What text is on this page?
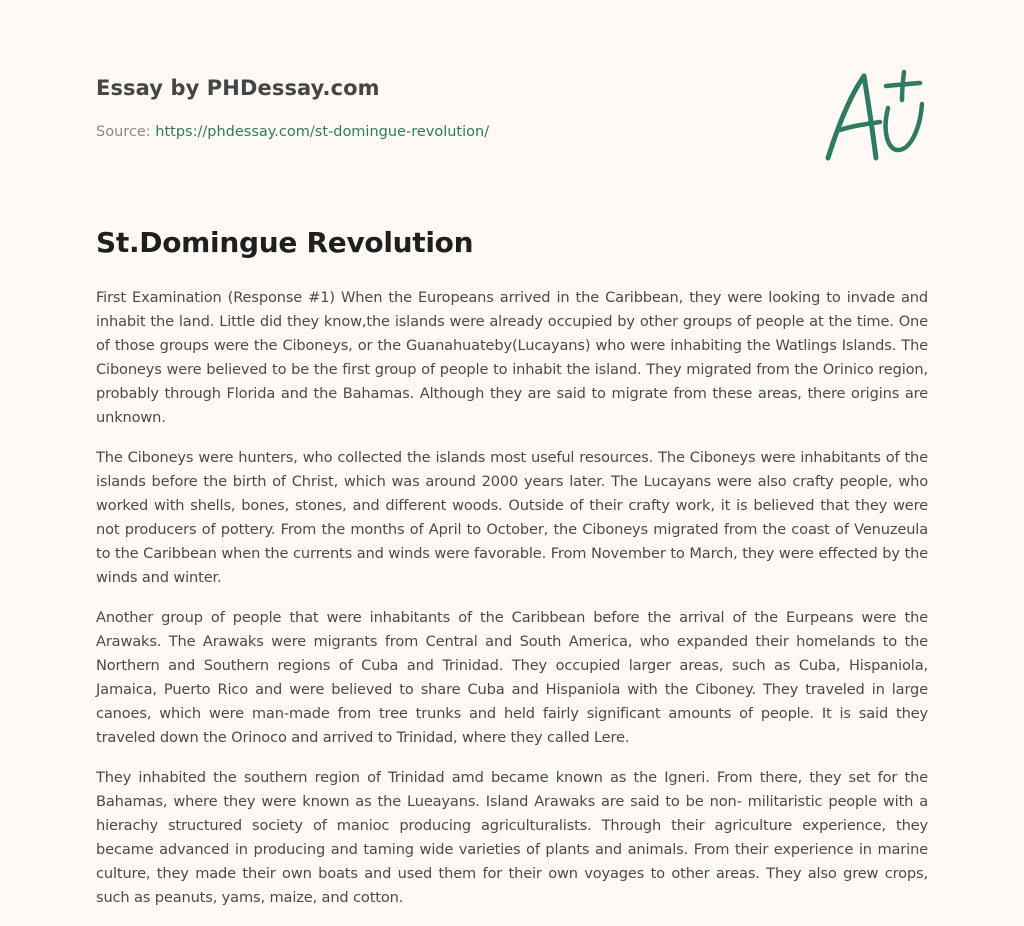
Essay by PHDessay.com
Source: https://phdessay.com/st-domingue-revolution/
St.Domingue Revolution

First Examination (Response #1) When the Europeans arrived in the Caribbean, they were looking to invade and inhabit the land. Little did they know,the islands were already occupied by other groups of people at the time. One of those groups were the Ciboneys, or the Guanahuateby(Lucayans) who were inhabiting the Watlings Islands. The Ciboneys were believed to be the first group of people to inhabit the island. They migrated from the Orinico region, probably through Florida and the Bahamas. Although they are said to migrate from these areas, there origins are unknown.

The Ciboneys were hunters, who collected the islands most useful resources. The Ciboneys were inhabitants of the islands before the birth of Christ, which was around 2000 years later. The Lucayans were also crafty people, who worked with shells, bones, stones, and different woods. Outside of their crafty work, it is believed that they were not producers of pottery. From the months of April to October, the Ciboneys migrated from the coast of Venuzeula to the Caribbean when the currents and winds were favorable. From November to March, they were effected by the winds and winter.

Another group of people that were inhabitants of the Caribbean before the arrival of the Eurpeans were the Arawaks. The Arawaks were migrants from Central and South America, who expanded their homelands to the Northern and Southern regions of Cuba and Trinidad. They occupied larger areas, such as Cuba, Hispaniola, Jamaica, Puerto Rico and were believed to share Cuba and Hispaniola with the Ciboney. They traveled in large canoes, which were man-made from tree trunks and held fairly significant amounts of people. It is said they traveled down the Orinoco and arrived to Trinidad, where they called Lere.

They inhabited the southern region of Trinidad amd became known as the Igneri. From there, they set for the Bahamas, where they were known as the Lueayans. Island Arawaks are said to be non- militaristic people with a hierachy structured society of manioc producing agriculturalists. Through their agriculture experience, they became advanced in producing and taming wide varieties of plants and animals. From their experience in marine culture, they made their own boats and used them for their own voyages to other areas. They also grew crops, such as peanuts, yams, maize, and cotton.
